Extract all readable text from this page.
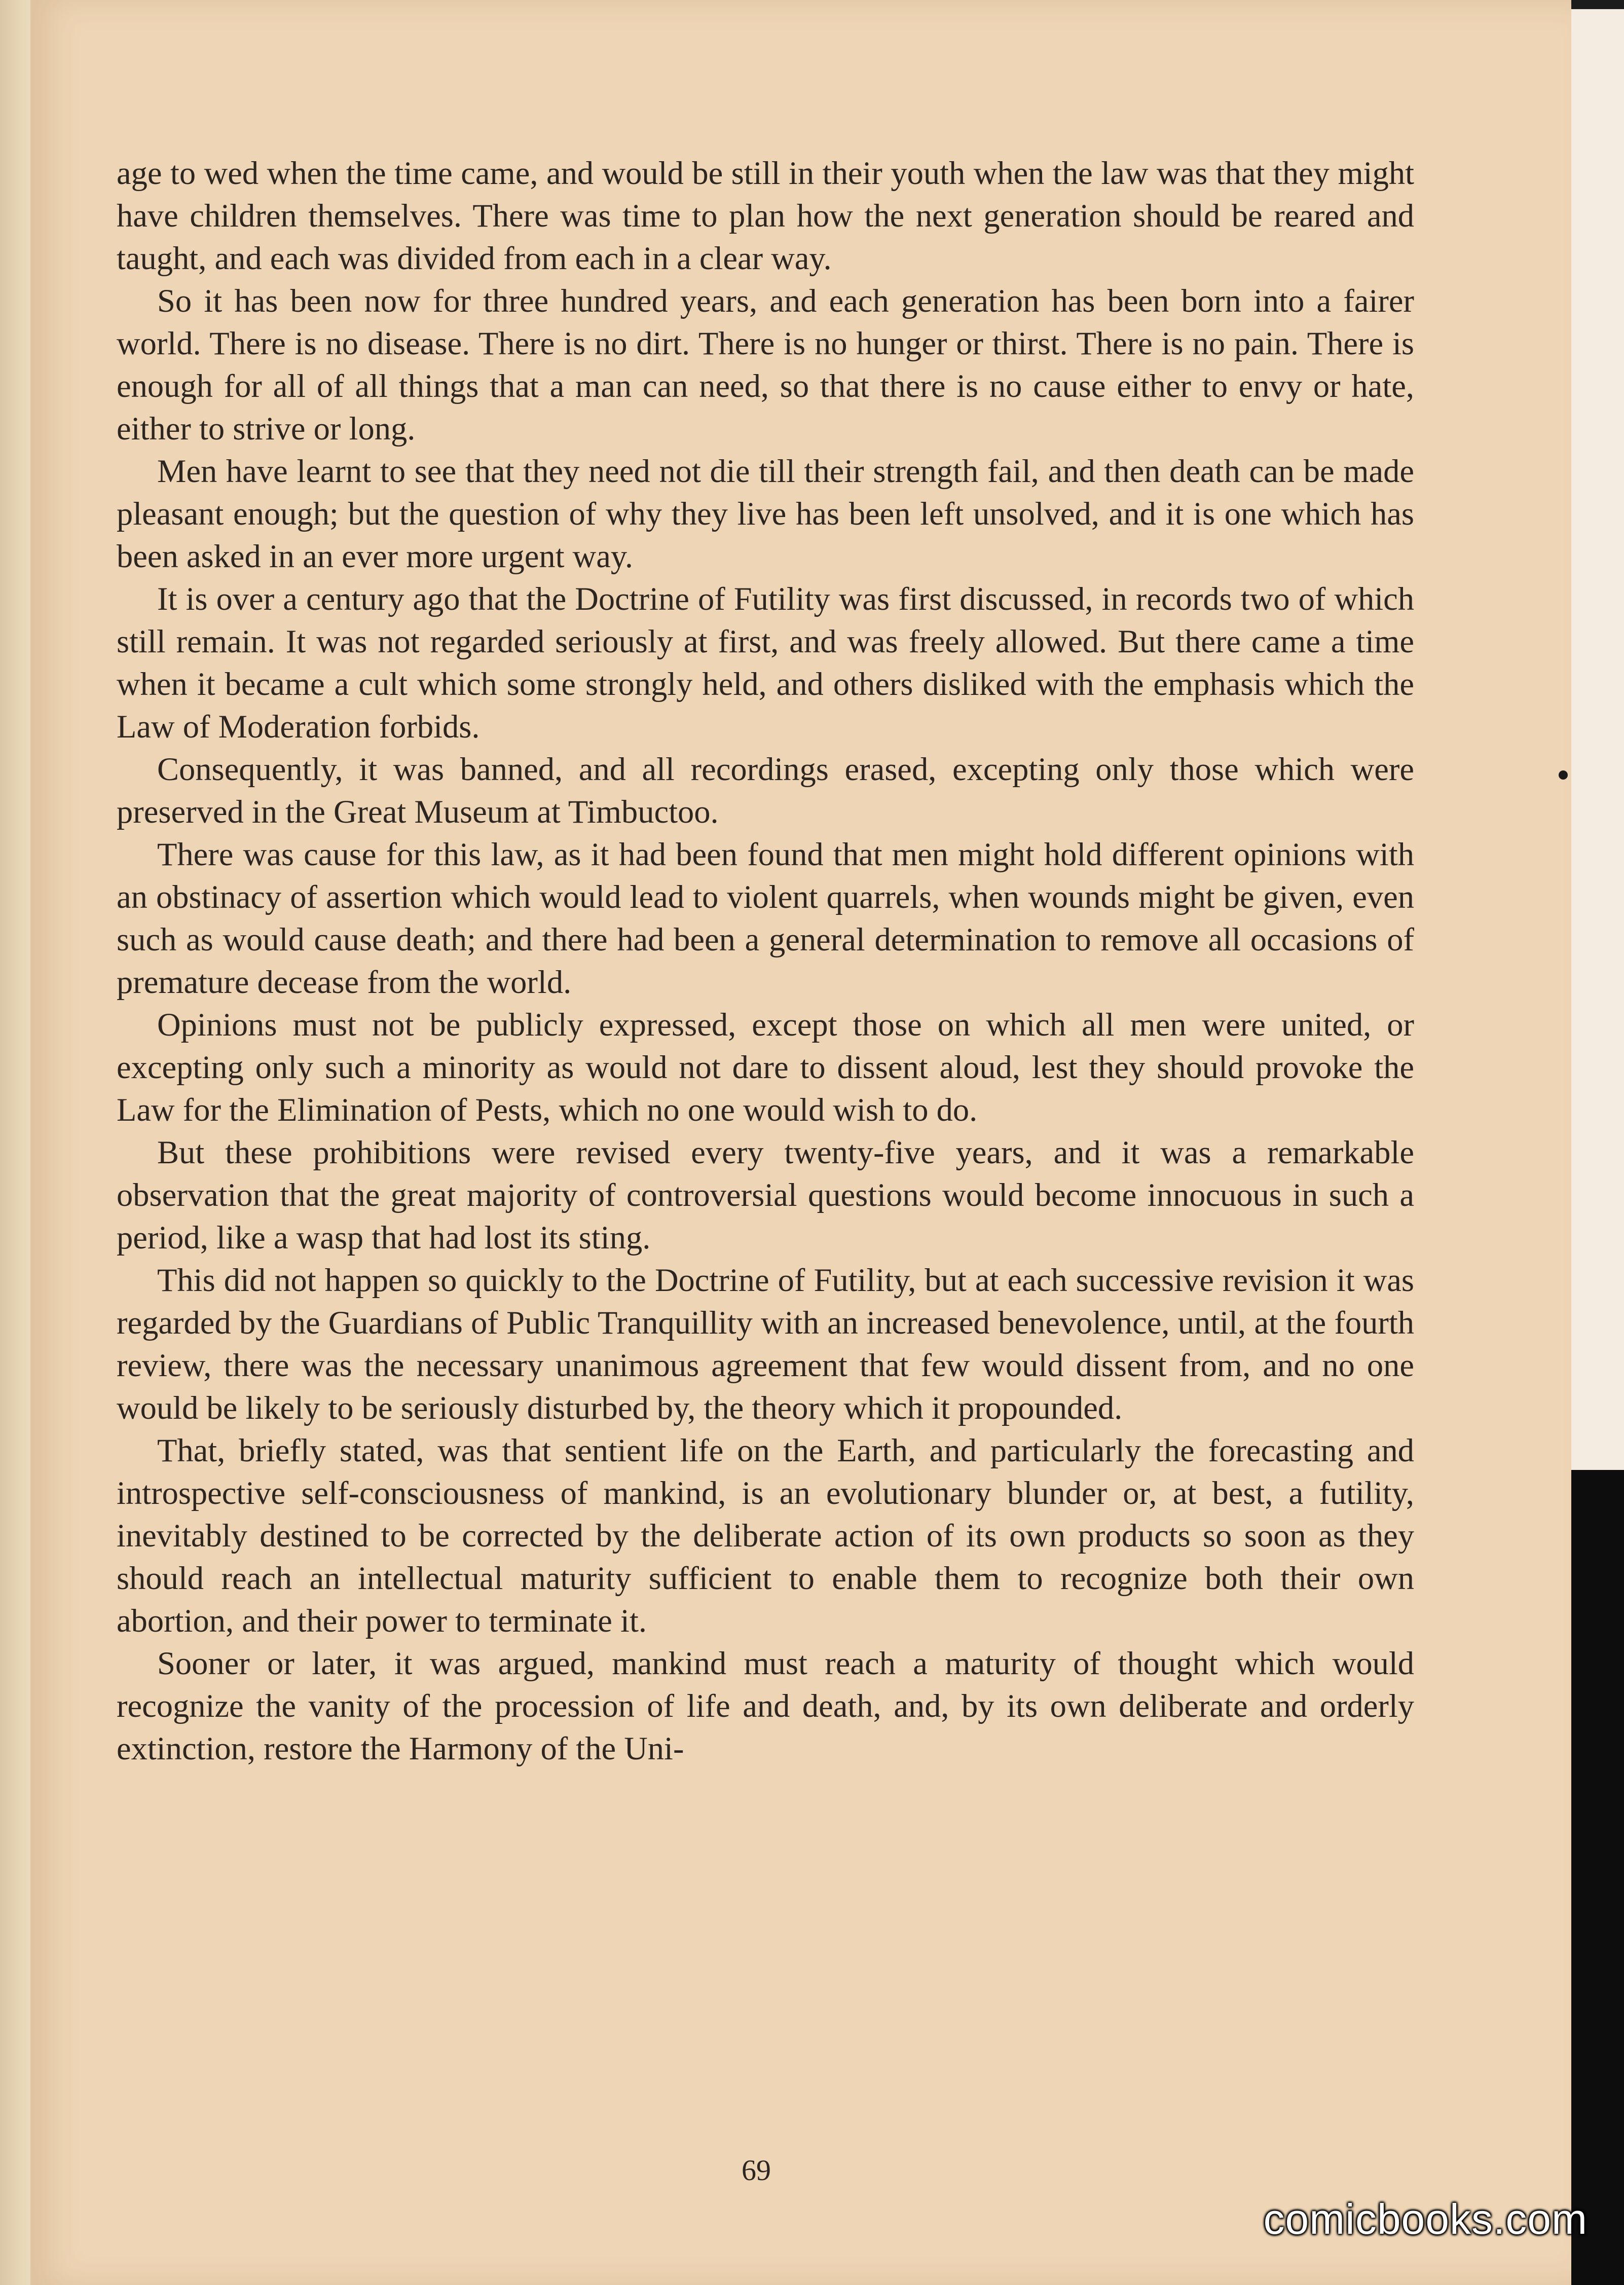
age to wed when the time came, and would be still in their youth when the law was that they might have children themselves. There was time to plan how the next generation should be reared and taught, and each was divided from each in a clear way.

So it has been now for three hundred years, and each generation has been born into a fairer world. There is no disease. There is no dirt. There is no hunger or thirst. There is no pain. There is enough for all of all things that a man can need, so that there is no cause either to envy or hate, either to strive or long.

Men have learnt to see that they need not die till their strength fail, and then death can be made pleasant enough; but the question of why they live has been left unsolved, and it is one which has been asked in an ever more urgent way.

It is over a century ago that the Doctrine of Futility was first discussed, in records two of which still remain. It was not regarded seriously at first, and was freely allowed. But there came a time when it became a cult which some strongly held, and others disliked with the emphasis which the Law of Moderation forbids.

Consequently, it was banned, and all recordings erased, excepting only those which were preserved in the Great Museum at Timbuctoo.

There was cause for this law, as it had been found that men might hold different opinions with an obstinacy of assertion which would lead to violent quarrels, when wounds might be given, even such as would cause death; and there had been a general determination to remove all occasions of premature decease from the world.

Opinions must not be publicly expressed, except those on which all men were united, or excepting only such a minority as would not dare to dissent aloud, lest they should provoke the Law for the Elimination of Pests, which no one would wish to do.

But these prohibitions were revised every twenty-five years, and it was a remarkable observation that the great majority of controversial questions would become innocuous in such a period, like a wasp that had lost its sting.

This did not happen so quickly to the Doctrine of Futility, but at each successive revision it was regarded by the Guardians of Public Tranquillity with an increased benevolence, until, at the fourth review, there was the necessary unanimous agreement that few would dissent from, and no one would be likely to be seriously disturbed by, the theory which it propounded.

That, briefly stated, was that sentient life on the Earth, and particularly the forecasting and introspective self-consciousness of mankind, is an evolutionary blunder or, at best, a futility, inevitably destined to be corrected by the deliberate action of its own products so soon as they should reach an intellectual maturity sufficient to enable them to recognize both their own abortion, and their power to terminate it.

Sooner or later, it was argued, mankind must reach a maturity of thought which would recognize the vanity of the procession of life and death, and, by its own deliberate and orderly extinction, restore the Harmony of the Uni-

69
comicbooks.com
